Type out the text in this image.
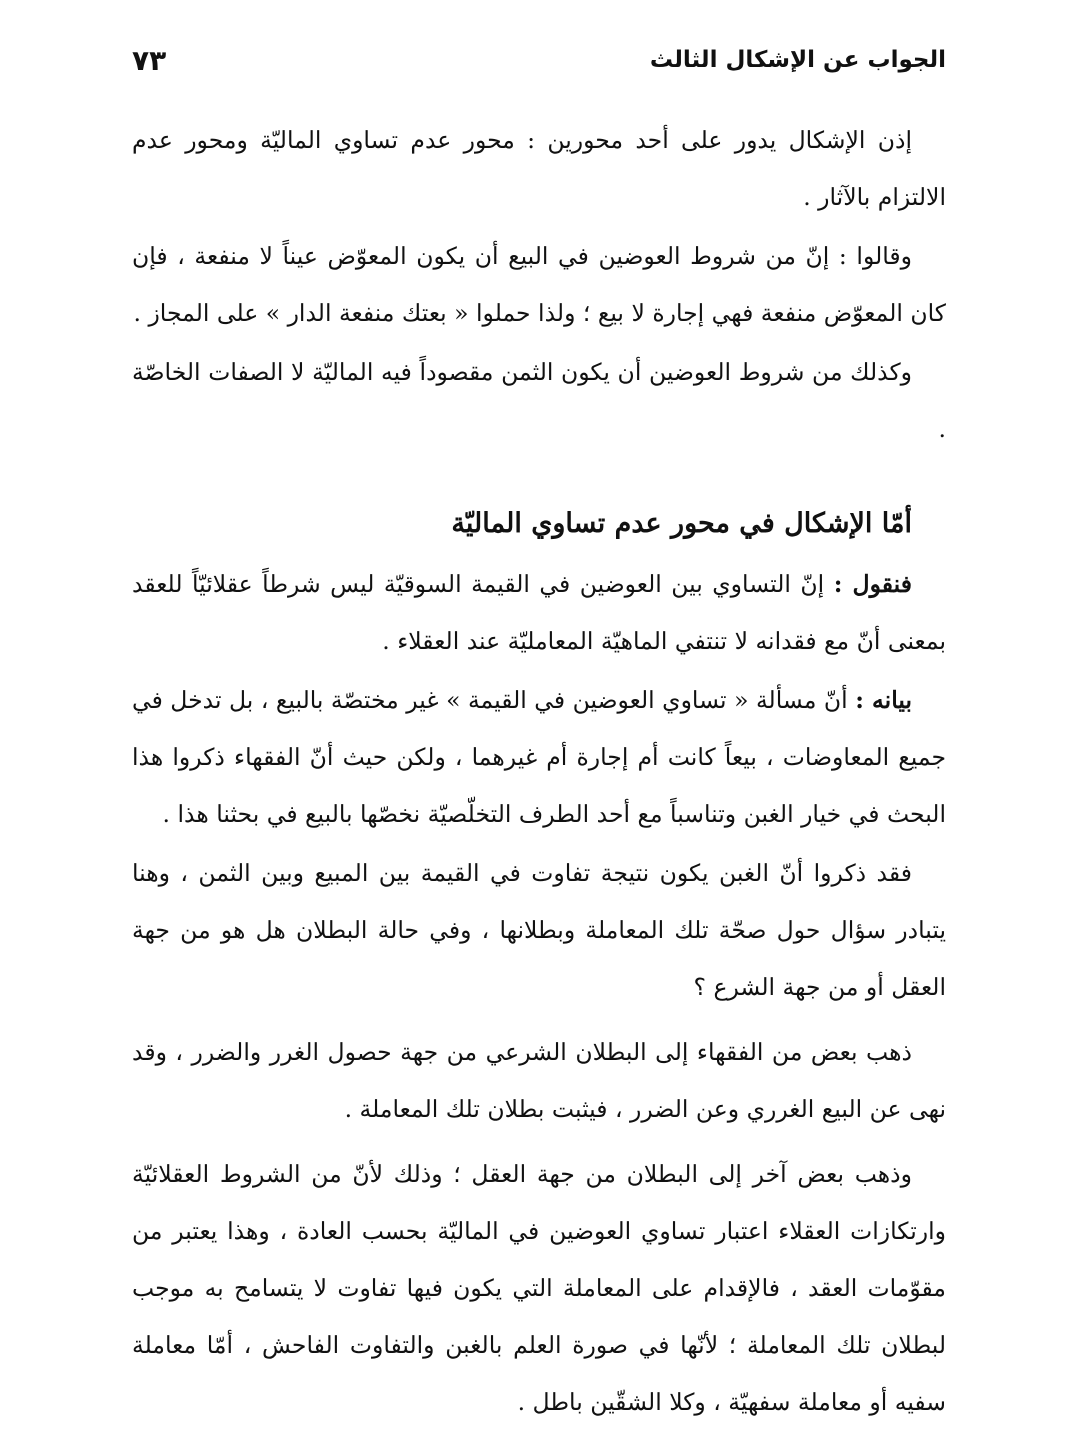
الجواب عن الإشكال الثالث
٧٣

إذن الإشكال يدور على أحد محورين : محور عدم تساوي الماليّة ومحور عدم الالتزام بالآثار .

وقالوا : إنّ من شروط العوضين في البيع أن يكون المعوّض عيناً لا منفعة ، فإن كان المعوّض منفعة فهي إجارة لا بيع ؛ ولذا حملوا « بعتك منفعة الدار » على المجاز .

وكذلك من شروط العوضين أن يكون الثمن مقصوداً فيه الماليّة لا الصفات الخاصّة .

أمّا الإشكال في محور عدم تساوي الماليّة

فنقول : إنّ التساوي بين العوضين في القيمة السوقيّة ليس شرطاً عقلائيّاً للعقد بمعنى أنّ مع فقدانه لا تنتفي الماهيّة المعامليّة عند العقلاء .

بيانه : أنّ مسألة « تساوي العوضين في القيمة » غير مختصّة بالبيع ، بل تدخل في جميع المعاوضات ، بيعاً كانت أم إجارة أم غيرهما ، ولكن حيث أنّ الفقهاء ذكروا هذا البحث في خيار الغبن وتناسباً مع أحد الطرف التخلّصيّة نخصّها بالبيع في بحثنا هذا .

فقد ذكروا أنّ الغبن يكون نتيجة تفاوت في القيمة بين المبيع وبين الثمن ، وهنا يتبادر سؤال حول صحّة تلك المعاملة وبطلانها ، وفي حالة البطلان هل هو من جهة العقل أو من جهة الشرع ؟

ذهب بعض من الفقهاء إلى البطلان الشرعي من جهة حصول الغرر والضرر ، وقد نهى عن البيع الغرري وعن الضرر ، فيثبت بطلان تلك المعاملة .

وذهب بعض آخر إلى البطلان من جهة العقل ؛ وذلك لأنّ من الشروط العقلائيّة وارتكازات العقلاء اعتبار تساوي العوضين في الماليّة بحسب العادة ، وهذا يعتبر من مقوّمات العقد ، فالإقدام على المعاملة التي يكون فيها تفاوت لا يتسامح به موجب لبطلان تلك المعاملة ؛ لأنّها في صورة العلم بالغبن والتفاوت الفاحش ، أمّا معاملة سفيه أو معاملة سفهيّة ، وكلا الشقّين باطل .
